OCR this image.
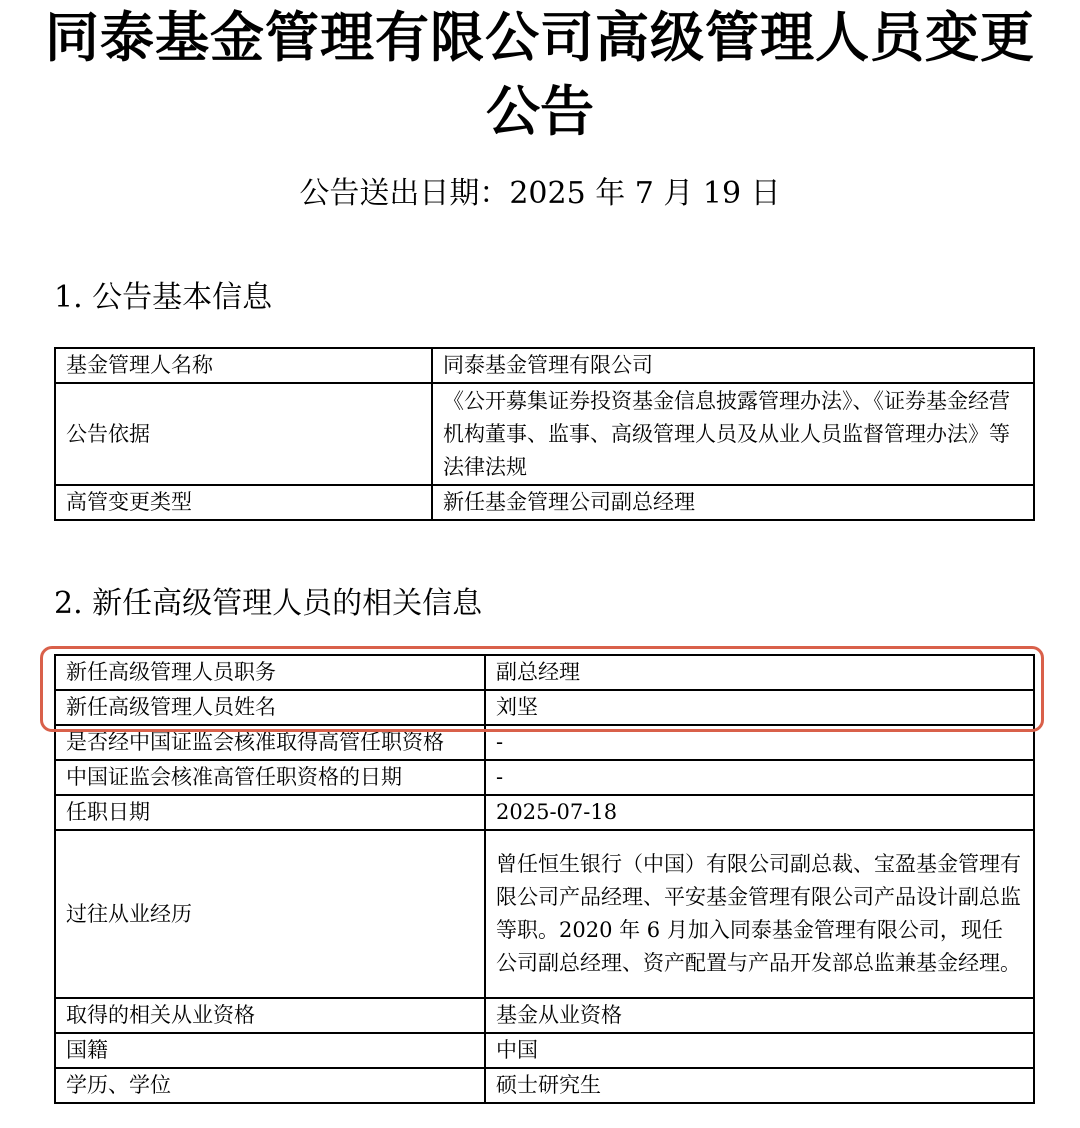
同泰基金管理有限公司高级管理人员变更
公告
公告送出日期：2025 年 7 月 19 日
1. 公告基本信息
基金管理人名称	同泰基金管理有限公司
公告依据	《公开募集证券投资基金信息披露管理办法》、《证券基金经营机构董事、监事、高级管理人员及从业人员监督管理办法》等法律法规
高管变更类型	新任基金管理公司副总经理
2. 新任高级管理人员的相关信息
新任高级管理人员职务	副总经理
新任高级管理人员姓名	刘坚
是否经中国证监会核准取得高管任职资格	-
中国证监会核准高管任职资格的日期	-
任职日期	2025-07-18
过往从业经历	曾任恒生银行（中国）有限公司副总裁、宝盈基金管理有限公司产品经理、平安基金管理有限公司产品设计副总监等职。2020 年 6 月加入同泰基金管理有限公司，现任公司副总经理、资产配置与产品开发部总监兼基金经理。
取得的相关从业资格	基金从业资格
国籍	中国
学历、学位	硕士研究生
